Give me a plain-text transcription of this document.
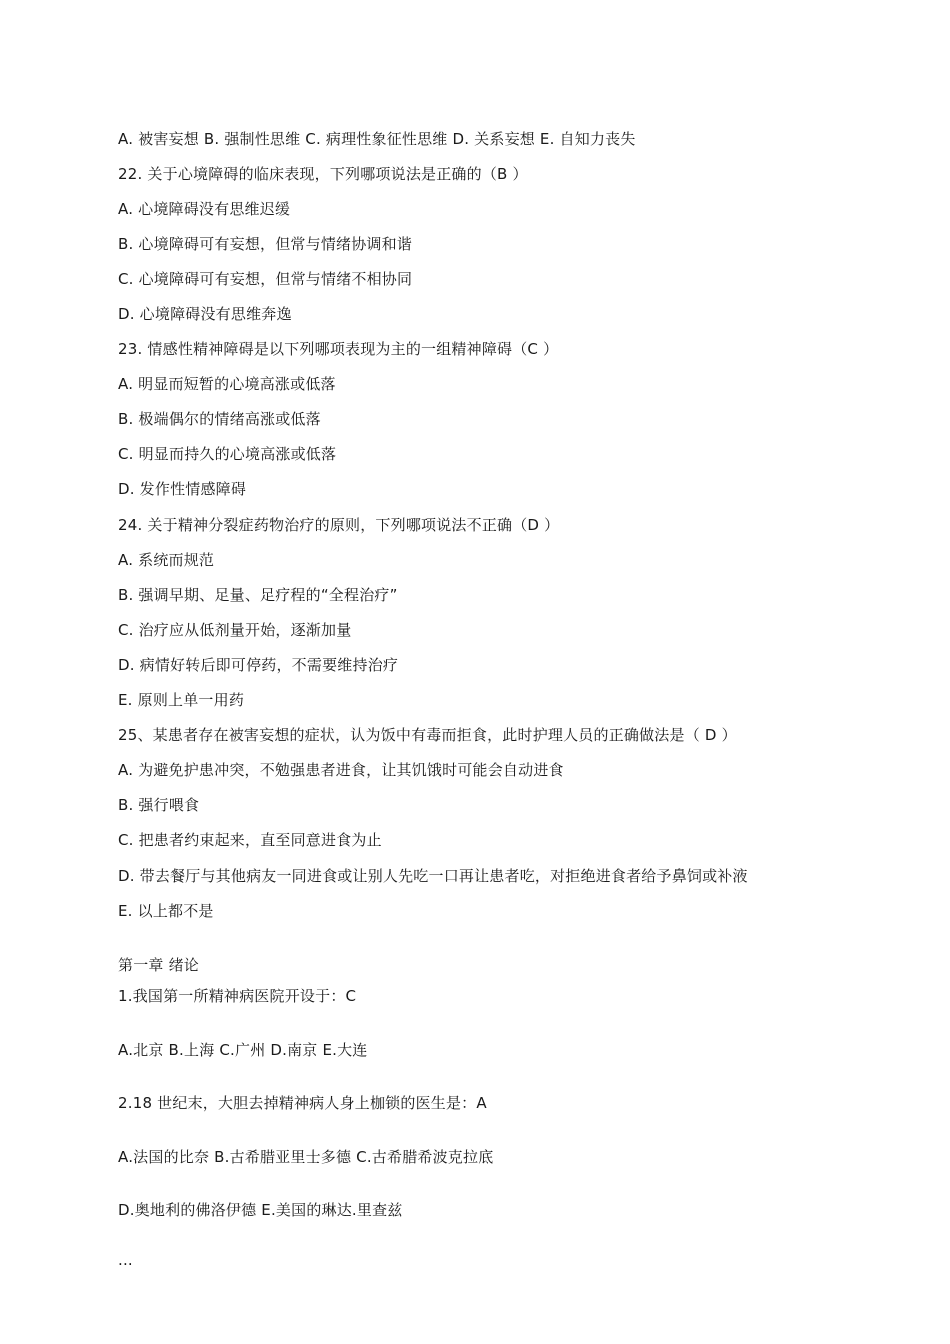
A. 被害妄想 B. 强制性思维 C. 病理性象征性思维 D. 关系妄想 E. 自知力丧失
22. 关于心境障碍的临床表现，下列哪项说法是正确的（B ）
A. 心境障碍没有思维迟缓
B. 心境障碍可有妄想，但常与情绪协调和谐
C. 心境障碍可有妄想，但常与情绪不相协同
D. 心境障碍没有思维奔逸
23. 情感性精神障碍是以下列哪项表现为主的一组精神障碍（C ）
A. 明显而短暂的心境高涨或低落
B. 极端偶尔的情绪高涨或低落
C. 明显而持久的心境高涨或低落
D. 发作性情感障碍
24. 关于精神分裂症药物治疗的原则，下列哪项说法不正确（D ）
A. 系统而规范
B. 强调早期、足量、足疗程的“全程治疗”
C. 治疗应从低剂量开始，逐渐加量
D. 病情好转后即可停药，不需要维持治疗
E. 原则上单一用药
25、某患者存在被害妄想的症状，认为饭中有毒而拒食，此时护理人员的正确做法是（ D ）
A. 为避免护患冲突，不勉强患者进食，让其饥饿时可能会自动进食
B. 强行喂食
C. 把患者约束起来，直至同意进食为止
D. 带去餐厅与其他病友一同进食或让别人先吃一口再让患者吃，对拒绝进食者给予鼻饲或补液
E. 以上都不是
第一章 绪论
1.我国第一所精神病医院开设于：C
A.北京 B.上海 C.广州 D.南京 E.大连
2.18 世纪末，大胆去掉精神病人身上枷锁的医生是：A
A.法国的比奈 B.古希腊亚里士多德 C.古希腊希波克拉底
D.奥地利的佛洛伊德 E.美国的琳达.里查兹
...
